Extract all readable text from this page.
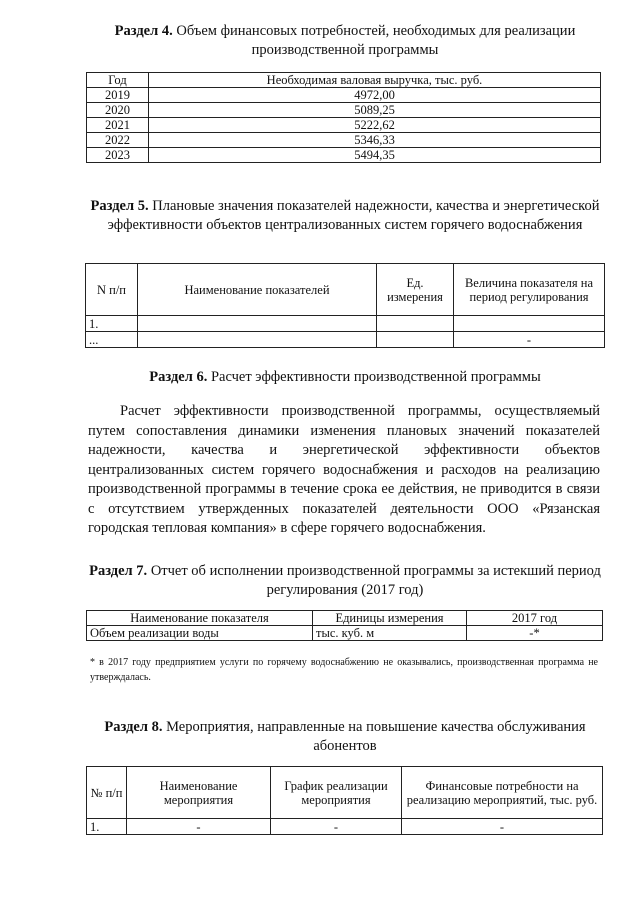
Раздел 4. Объем финансовых потребностей, необходимых для реализации производственной программы
Год	Необходимая валовая выручка, тыс. руб.
2019	4972,00
2020	5089,25
2021	5222,62
2022	5346,33
2023	5494,35
Раздел 5. Плановые значения показателей надежности, качества и энергетической эффективности объектов централизованных систем горячего водоснабжения
N п/п	Наименование показателей	Ед. измерения	Величина показателя на период регулирования
1.			
...			-
Раздел 6. Расчет эффективности производственной программы
Расчет эффективности производственной программы, осуществляемый путем сопоставления динамики изменения плановых значений показателей надежности, качества и энергетической эффективности объектов централизованных систем горячего водоснабжения и расходов на реализацию производственной программы в течение срока ее действия, не приводится в связи с отсутствием утвержденных показателей деятельности ООО «Рязанская городская тепловая компания» в сфере горячего водоснабжения.
Раздел 7. Отчет об исполнении производственной программы за истекший период регулирования (2017 год)
Наименование показателя	Единицы измерения	2017 год
Объем реализации воды	тыс. куб. м	-*
* в 2017 году предприятием услуги по горячему водоснабжению не оказывались, производственная программа не утверждалась.
Раздел 8. Мероприятия, направленные на повышение качества обслуживания абонентов
№ п/п	Наименование мероприятия	График реализации мероприятия	Финансовые потребности на реализацию мероприятий, тыс. руб.
1.	-	-	-
